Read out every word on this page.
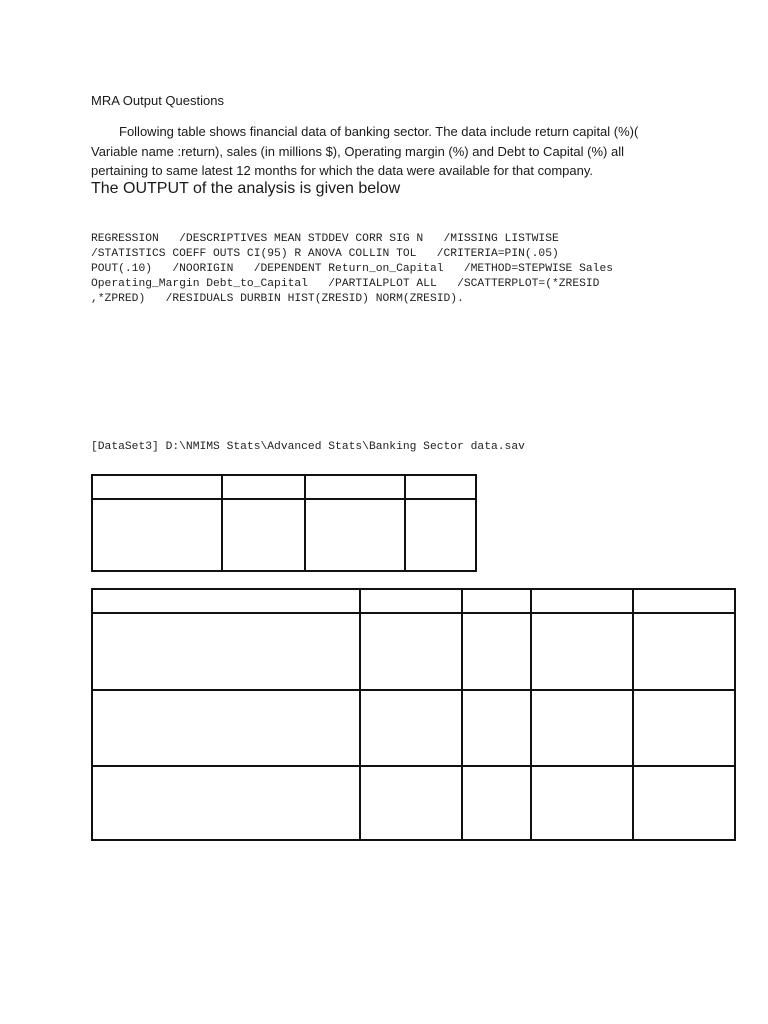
MRA Output Questions

Following table shows financial data of banking sector. The data include return capital (%)( Variable name :return), sales (in millions $), Operating margin (%) and Debt to Capital (%) all pertaining to same latest 12 months for which the data were available for that company.

The OUTPUT of the analysis is given below
REGRESSION   /DESCRIPTIVES MEAN STDDEV CORR SIG N   /MISSING LISTWISE
/STATISTICS COEFF OUTS CI(95) R ANOVA COLLIN TOL   /CRITERIA=PIN(.05)
POUT(.10)   /NOORIGIN   /DEPENDENT Return_on_Capital   /METHOD=STEPWISE Sales
Operating_Margin Debt_to_Capital   /PARTIALPLOT ALL   /SCATTERPLOT=(*ZRESID
,*ZPRED)   /RESIDUALS DURBIN HIST(ZRESID) NORM(ZRESID).
[DataSet3] D:\NMIMS Stats\Advanced Stats\Banking Sector data.sav
